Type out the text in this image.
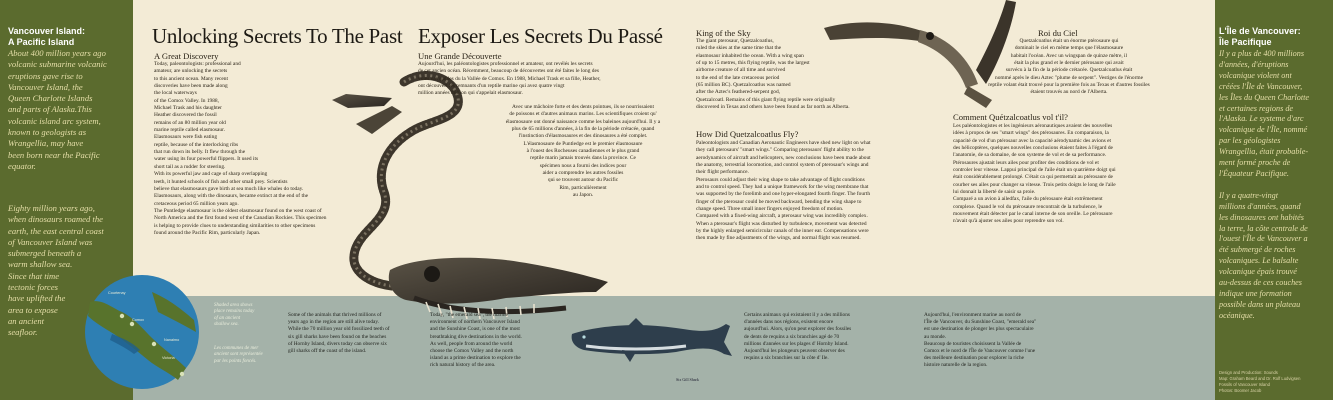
Vancouver Island:
A Pacific Island
About 400 million years ago
volcanic submarine volcanic
eruptions gave rise to
Vancouver Island, the
Queen Charlotte Islands
and parts of Alaska.This
volcanic island arc system,
known to geologists as
Wrangellia, may have
been born near the Pacific
equator.
Eighty million years ago,
when dinosaurs roamed the
earth, the east central coast
of Vancouver Island was
submerged beneath a
warm shallow sea.
Since that time
tectonic forces
have uplifted the
area to expose
an ancient
seafloor.
L'Île de Vancouver:
Île Pacifique
Il y a plus de 400 millions
d'années, d'éruptions
volcanique violent ont
créées l'Île de Vancouver,
les Îles du Queen Charlotte
et certaines regions de
l'Alaska. Le systeme d'arc
volcanique de l'Île, nommé
par les géologistes
Wrangellia, était probable-
ment formé proche de
l'Équateur Pacifique.

Il y a quatre-vingt
millions d'années, quand
les dinosaures ont habités
la terre, la côte centrale de
l'ouest l'Île de Vancouver a
été submergé de roches
volcaniques. Le balsalte
volcanique épais trouvé
au-dessus de ces couches
indique une formation
possible dans un plateau
océanique.
Design and Production: Sounds
Map: Graham Beard and Dr. Rolf Ludvigsen
Fossils of Vancouver Island
Photos: Boomer Jacob
Unlocking Secrets To The Past
A Great Discovery
Today, paleontologists: professional and
amateur, are unlocking the secrets
to this ancient ocean. Many recent
discoveries have been made along
the local waterways
of the Comox Valley. In 1988,
Michael Trask and his daughter
Heather discovered the fossil
remains of an 80 million year old
marine reptile called elasmosaur.
Elasmosaurs were fish eating
reptile, because of the interlocking ribs
that run down its belly. It flew through the
water using its four powerful flippers. It used its
short tail as a rudder for steering.
With its powerful jaw and cage of sharp overlapping
teeth, it hunted schools of fish and other small prey. Scientists
believe that elasmosaurs gave birth at sea much like whales do today.
Elasmosaurs, along with the dinosaurs, became extinct at the end of the
cretaceous period 65 million years ago.
The Puntledge elasmosaur is the oldest elasmosaur found on the west coast of
North America and the first found west of the Canadian Rockies. This specimen
is helping to provide clues to understanding similarities to other specimens
found around the Pacific Rim, particularly Japan.
Exposer Les Secrets Du Passé
Une Grande Découverte
Aujourd'hui, les paléontologistes professionnel et amateur, ont revélés les secrets
de cet ancien océan. Récemment, beaucoup de découvertes ont été faites le long des
voies navigables du la Vallée de Comox. En 1988, Michael Trask et sa fille, Heather,
ont découvert les remnants d'un reptile marine qui avez quatre vingt
million années million qui s'appelait elasmosaur.
Avec une mâchoire forte et des dents pointues, ils se nourrissaient
de poissons et d'autres animaux marins. Les scientifiques croient qu'
élasmosaure ont donné naissance comme les baleines aujourd'hui. Il y a
plus de 65 millions d'années, à la fin de la période crétacée, quand
l'instinction d'élasmosaures et des dinosaures a été complet.
L'élasmosaure de Puntledge est le premier élasmosaure
à l'ouest des Rocheuses canadiennes et le plus grand
reptile marin jamais trouvés dans la province. Ce
spécimen nous a fourni des indices pour
aider a comprendre les autres fossiles
qui se trouvent autour du Pacific
Rim, particulièrement
au Japon.
King of the Sky
The giant pterosaur, Quetzalcoatlus,
ruled the skies at the same time that the
elasmosaur inhabited the ocean. With a wing span
of up to 15 metres, this flying reptile, was the largest
airborne creature of all time and survived
to the end of the late cretaceous period
(65 million BC). Quetzalcoatlus was named
after the Aztec's feathered-serpent god,
Quetzalcoatl. Remains of this giant flying reptile were originally
discovered in Texas and others have been found as far north as Alberta.
How Did Quetzalcoatlus Fly?
Paleontologists and Canadian Aeronautic Engineers have shed new light on what
they call pterosaurs' "smart wings." Comparing pterosaurs' flight ability to the
aerodynamics of aircraft and helicopters, new conclusions have been made about
the anatomy, terrestrial locomotion, and control system of pterosaur's wings and
their flight performance.
Pterosaurs could adjust their wing shape to take advantage of flight conditions
and to control speed. They had a unique framework for the wing membrane that
was supported by the forelimb and one hyper-elongated fourth finger. The fourth
finger of the pterosaur could be moved backward, bending the wing shape to
change speed. Three small inner fingers enjoyed freedom of motion.
Compared with a fixed-wing aircraft, a pterosaur wing was incredibly complex.
When a pterosaur's flight was disturbed by turbulence, movement was detected
by the highly enlarged semicircular canals of the inner ear. Compensations were
then made by fine adjustments of the wings, and normal flight was resumed.
Roi du Ciel
Quetzalcoatlus était un énorme ptérosaure qui
dominait le ciel en même temps que l'élasmosaure
habitait l'océan. Avec un wingspan de quinze mètre, il
était la plus grand et le dernier ptérosaure qui avait
survécu à la fin de la période crétacée. Quetzalcoatlus était
nommé après le dieu Aztec "plume de serpent". Vestiges de l'énorme
reptile volant était trouvé pour la première fois au Texas et d'autres fossiles
étaient trouvés au nord de l'Alberta.
Comment Quétzalcoatlus vol t'il?
Les paléontologistes et les ingénieurs aéronautiques avaient des nouvelles
idées à propos de ses "smart wings" des ptérosaures. En comparaison, la
capacité de vol d'un ptérosaur avec la capacité aérodynamic des avions et
des hélicoptères, quelques nouvelles conclusions étaient faites à l'égard de
l'anatomie, de sa domaine, de son systeme de vol et de sa performance.
Ptérosaures ajustait leurs ailes pour profiter des conditions de vol et
controler leur vitesse. Lappui principal de l'aile était un quatrième doigt qui
était considérablement prolongé. C'était ca qui permettait au ptérosaure de
courber ses ailes pour changer sa vitesse. Trois petits doigts le long de l'aile
lui donnait la liberté de saisir sa proie.
Comparé a un avion à ailedfax, l'aile du ptérosaure était extrêmement
complexe. Quand le vol du ptérosaure rencontrait de la turbulence, le
mouvement était détecter par le canal interne de son oreille. Le ptérosaure
n'avait qu'à ajuster ses ailes pour reprendre son vol.
Courtenay
Comox
Nanaimo
Victoria
Shaded area shows
place remains today
of an ancient
shallow sea.
Les communes de mer
ancient sont représentée
par les points foncés.
Some of the animals that thrived millions of
years ago in the region are still alive today.
While the 70 million year old fossilized teeth of
six gill sharks have been found on the beaches
of Hornby Island, divers today can observe six
gill sharks off the coast of the island.
Today, "the emerald sea", the marine
environment of northern Vancouver Island
and the Sunshine Coast, is one of the most
breathtaking dive destinations in the world.
As well, people from around the world
choose the Comox Valley and the north
island as a prime destination to explore the
rich natural history of the area.
Six Gill Shark
Certains animaux qui existaient il y a des millions
d'années dans nos régions, existent encore
aujourd'hui. Alors, qu'on peut explorer des fossiles
de dents de requins a six branchies agé de 70
millions d'années sur les plages d' Hornby Island.
Aujourd'hui les plongeurs peuvent observer des
requins a six branchies sur la côte d' Ile.
Aujourd'hui, l'environment marine au nord de
l'Île de Vancouver, du Sunshine Coast, "emerald sea"
est une destination de plonger les plus spectaculaire
au monde.
Beaucoup de touristes choisissent la Vallée de
Comox et le nord de l'Île de Vancouver comme l'une
des meilleure destination pour explorer la riche
histoire naturelle de la region.
